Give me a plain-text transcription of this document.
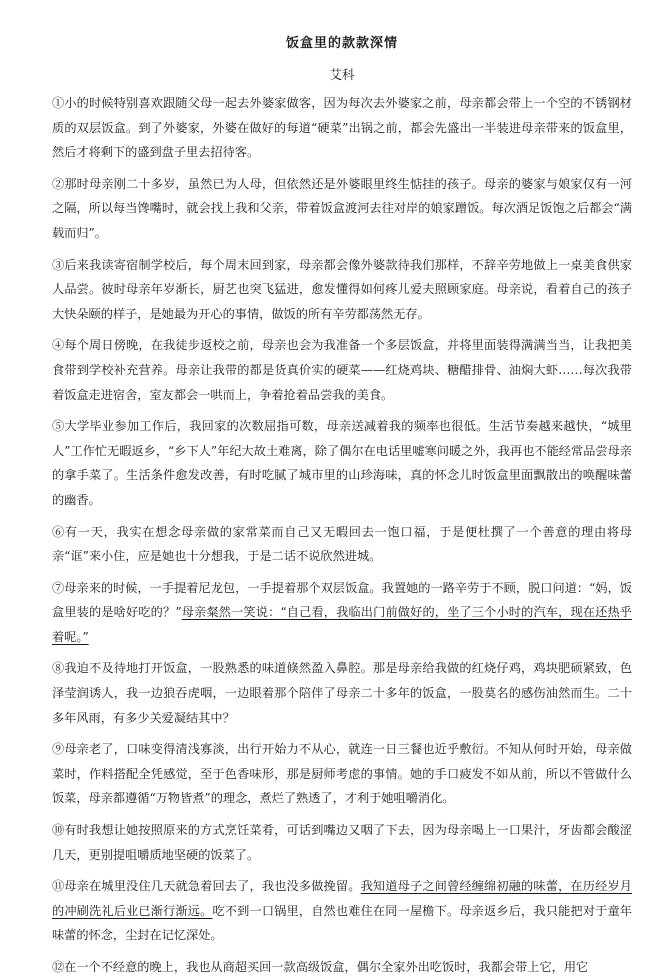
饭盒里的款款深情
艾科

①小的时候特别喜欢跟随父母一起去外婆家做客，因为每次去外婆家之前，母亲都会带上一个空的不锈钢材质的双层饭盒。到了外婆家，外婆在做好的每道“硬菜”出锅之前，都会先盛出一半装进母亲带来的饭盒里，然后才将剩下的盛到盘子里去招待客。

②那时母亲刚二十多岁，虽然已为人母，但依然还是外婆眼里终生惦挂的孩子。母亲的婆家与娘家仅有一河之隔，所以每当馋嘴时，就会找上我和父亲，带着饭盒渡河去往对岸的娘家蹭饭。每次酒足饭饱之后都会“满载而归”。

③后来我读寄宿制学校后，每个周末回到家，母亲都会像外婆款待我们那样，不辞辛劳地做上一桌美食供家人品尝。彼时母亲年岁渐长，厨艺也突飞猛进，愈发懂得如何疼儿爱夫照顾家庭。母亲说，看着自己的孩子大快朵颐的样子，是她最为开心的事情，做饭的所有辛劳都荡然无存。

④每个周日傍晚，在我徒步返校之前，母亲也会为我准备一个多层饭盒，并将里面装得满满当当，让我把美食带到学校补充营养。母亲让我带的都是货真价实的硬菜——红烧鸡块、糖醋排骨、油焖大虾……每次我带着饭盒走进宿舍，室友都会一哄而上，争着抢着品尝我的美食。

⑤大学毕业参加工作后，我回家的次数屈指可数，母亲送减着我的频率也很低。生活节奏越来越快，“城里人”工作忙无暇返乡，“乡下人”年纪大故土难离，除了偶尔在电话里嘘寒问暖之外，我再也不能经常品尝母亲的拿手菜了。生活条件愈发改善，有时吃腻了城市里的山珍海味，真的怀念儿时饭盒里面飘散出的唤醒味蕾的幽香。

⑥有一天，我实在想念母亲做的家常菜而自己又无暇回去一饱口福，于是便杜撰了一个善意的理由将母亲“诓”来小住，应是她也十分想我，于是二话不说欣然进城。

⑦母亲来的时候，一手提着尼龙包，一手提着那个双层饭盒。我置她的一路辛劳于不顾，脱口问道：“妈，饭盒里装的是啥好吃的？”母亲粲然一笑说：“自己看，我临出门前做好的，坐了三个小时的汽车，现在还热乎着呢。”

⑧我迫不及待地打开饭盒，一股熟悉的味道倏然盈入鼻腔。那是母亲给我做的红烧仔鸡，鸡块肥硕紧致，色泽莹润诱人，我一边狼吞虎咽，一边眼着那个陪伴了母亲二十多年的饭盒，一股莫名的感伤油然而生。二十多年风雨，有多少关爱凝结其中？

⑨母亲老了，口味变得清浅寡淡，出行开始力不从心，就连一日三餐也近乎敷衍。不知从何时开始，母亲做菜时，作料搭配全凭感觉，至于色香味形，那是厨师考虑的事情。她的手口疲发不如从前，所以不管做什么饭菜，母亲都遵循“万物皆煮”的理念，煮烂了熟透了，才利于她咀嚼消化。

⑩有时我想让她按照原来的方式烹饪菜肴，可话到嘴边又咽了下去，因为母亲喝上一口果汁，牙齿都会酸涩几天，更别提咀嚼质地坚硬的饭菜了。

⑪母亲在城里没住几天就急着回去了，我也没多做挽留。我知道母子之间曾经缠绵初融的味蕾，在历经岁月的冲刷洗礼后业已渐行渐远。吃不到一口锅里，自然也难住在同一屋檐下。母亲返乡后，我只能把对于童年味蕾的怀念，尘封在记忆深处。

⑫在一个不经意的晚上，我也从商超买回一款高级饭盒，偶尔全家外出吃饭时，我都会带上它，用它
